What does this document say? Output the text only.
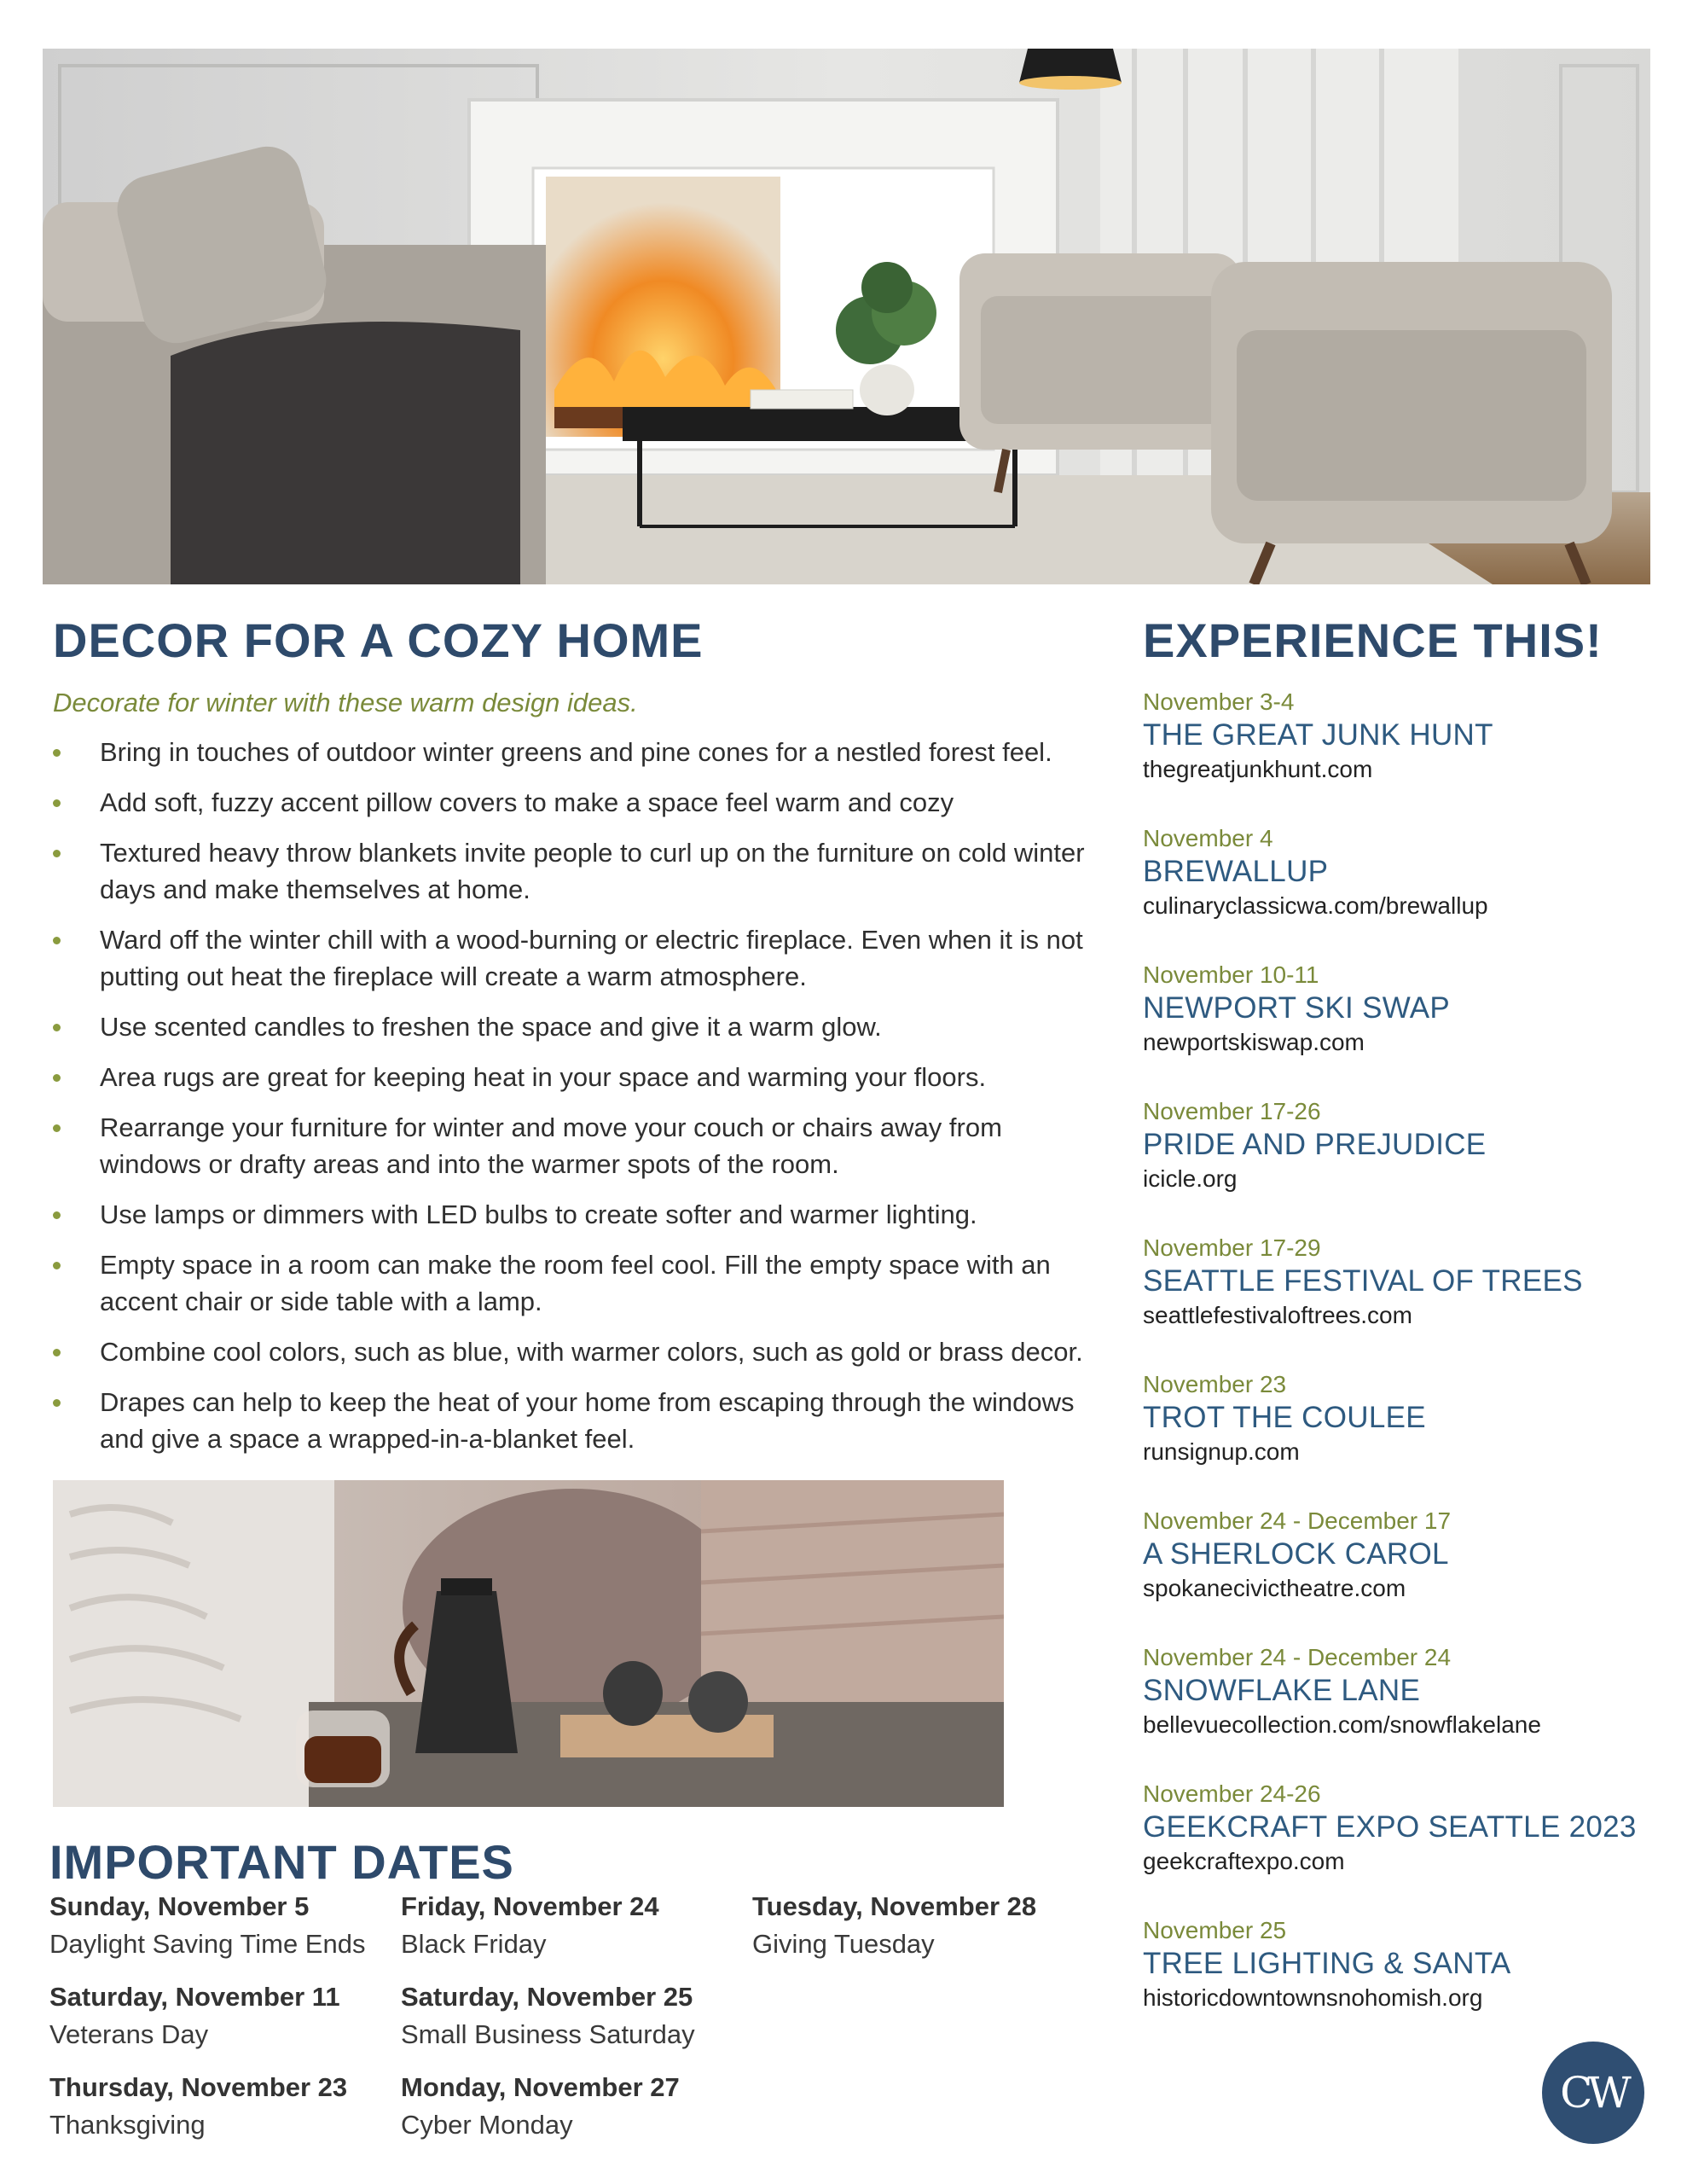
DECOR FOR A COZY HOME
Decorate for winter with these warm design ideas.
Bring in touches of outdoor winter greens and pine cones for a nestled forest feel.
Add soft, fuzzy accent pillow covers to make a space feel warm and cozy
Textured heavy throw blankets invite people to curl up on the furniture on cold winter days and make themselves at home.
Ward off the winter chill with a wood-burning or electric fireplace. Even when it is not putting out heat the fireplace will create a warm atmosphere.
Use scented candles to freshen the space and give it a warm glow.
Area rugs are great for keeping heat in your space and warming your floors.
Rearrange your furniture for winter and move your couch or chairs away from windows or drafty areas and into the warmer spots of the room.
Use lamps or dimmers with LED bulbs to create softer and warmer lighting.
Empty space in a room can make the room feel cool. Fill the empty space with an accent chair or side table with a lamp.
Combine cool colors, such as blue, with warmer colors, such as gold or brass decor.
Drapes can help to keep the heat of your home from escaping through the windows and give a space a wrapped-in-a-blanket feel.
IMPORTANT DATES
Sunday, November 5
Daylight Saving Time Ends
Saturday, November 11
Veterans Day
Thursday, November 23
Thanksgiving
Friday, November 24
Black Friday
Saturday, November 25
Small Business Saturday
Monday, November 27
Cyber Monday
Tuesday, November 28
Giving Tuesday
EXPERIENCE THIS!
November 3-4
THE GREAT JUNK HUNT
thegreatjunkhunt.com
November 4
BREWALLUP
culinaryclassicwa.com/brewallup
November 10-11
NEWPORT SKI SWAP
newportskiswap.com
November 17-26
PRIDE AND PREJUDICE
icicle.org
November 17-29
SEATTLE FESTIVAL OF TREES
seattlefestivaloftrees.com
November 23
TROT THE COULEE
runsignup.com
November 24 - December 17
A SHERLOCK CAROL
spokanecivictheatre.com
November 24 - December 24
SNOWFLAKE LANE
bellevuecollection.com/snowflakelane
November 24-26
GEEKCRAFT EXPO SEATTLE 2023
geekcraftexpo.com
November 25
TREE LIGHTING & SANTA
historicdowntownsnohomish.org
CW
